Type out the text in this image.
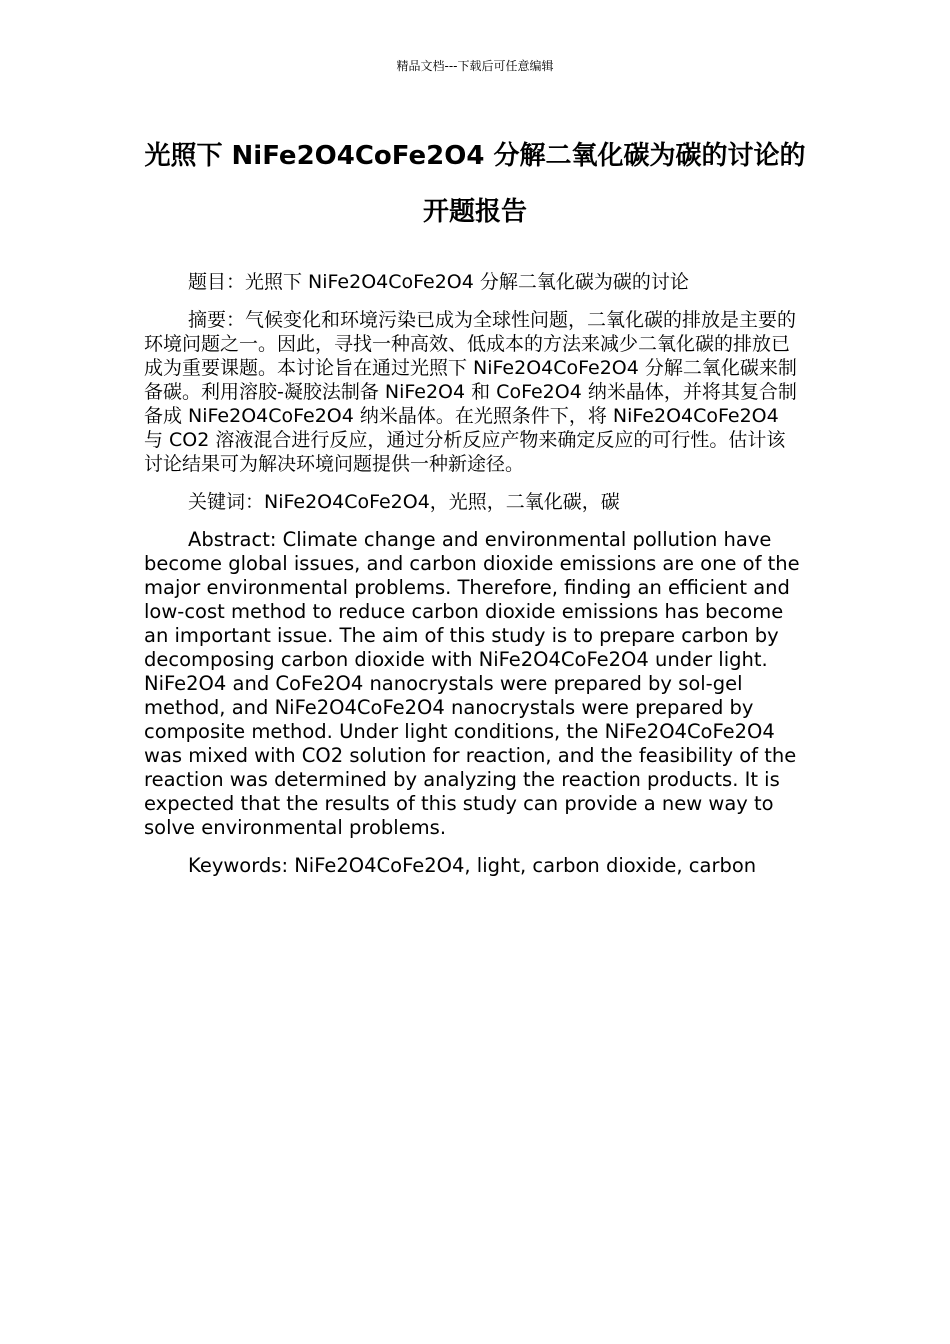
精品文档---下载后可任意编辑
光照下 NiFe2O4CoFe2O4 分解二氧化碳为碳的讨论的开题报告

题目：光照下 NiFe2O4CoFe2O4 分解二氧化碳为碳的讨论

摘要：气候变化和环境污染已成为全球性问题，二氧化碳的排放是主要的环境问题之一。因此，寻找一种高效、低成本的方法来减少二氧化碳的排放已成为重要课题。本讨论旨在通过光照下 NiFe2O4CoFe2O4 分解二氧化碳来制备碳。利用溶胶-凝胶法制备 NiFe2O4 和 CoFe2O4 纳米晶体，并将其复合制备成 NiFe2O4CoFe2O4 纳米晶体。在光照条件下，将 NiFe2O4CoFe2O4 与 CO2 溶液混合进行反应，通过分析反应产物来确定反应的可行性。估计该讨论结果可为解决环境问题提供一种新途径。

关键词：NiFe2O4CoFe2O4，光照，二氧化碳，碳

Abstract: Climate change and environmental pollution have become global issues, and carbon dioxide emissions are one of the major environmental problems. Therefore, finding an efficient and low-cost method to reduce carbon dioxide emissions has become an important issue. The aim of this study is to prepare carbon by decomposing carbon dioxide with NiFe2O4CoFe2O4 under light. NiFe2O4 and CoFe2O4 nanocrystals were prepared by sol-gel method, and NiFe2O4CoFe2O4 nanocrystals were prepared by composite method. Under light conditions, the NiFe2O4CoFe2O4 was mixed with CO2 solution for reaction, and the feasibility of the reaction was determined by analyzing the reaction products. It is expected that the results of this study can provide a new way to solve environmental problems.

Keywords: NiFe2O4CoFe2O4, light, carbon dioxide, carbon
